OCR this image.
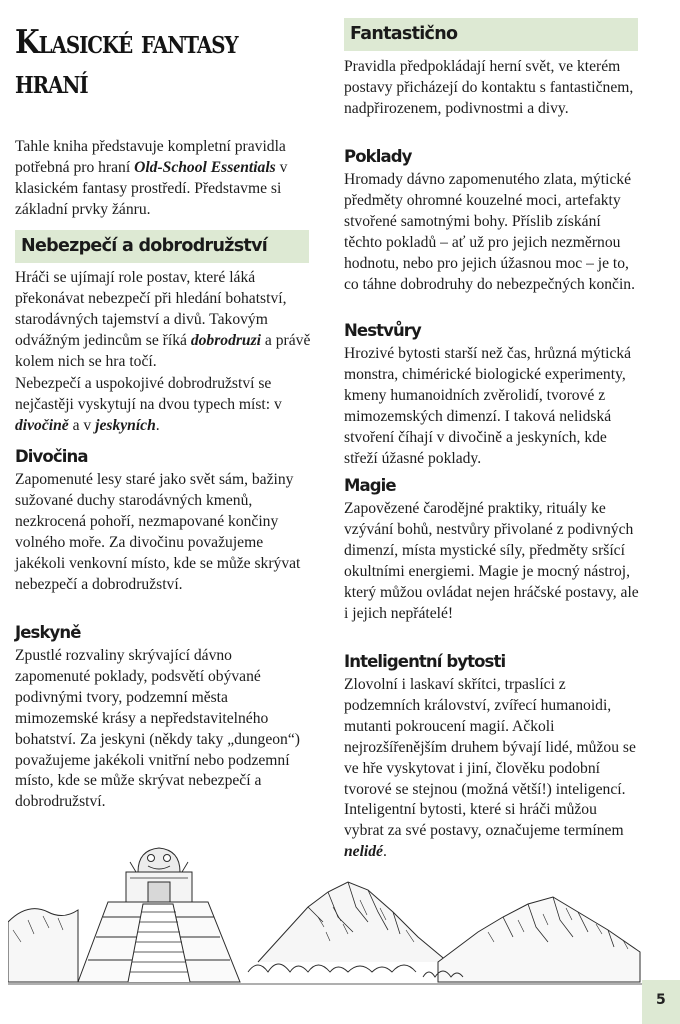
Klasické fantasy hraní

Tahle kniha představuje kompletní pravidla potřebná pro hraní Old-School Essentials v klasickém fantasy prostředí. Představme si základní prvky žánru.

Nebezpečí a dobrodružství

Hráči se ujímají role postav, které láká překonávat nebezpečí při hledání bohatství, starodávných tajemství a divů. Takovým odvážným jedincům se říká dobrodruzi a právě kolem nich se hra točí.

Nebezpečí a uspokojivé dobrodružství se nejčastěji vyskytují na dvou typech míst: v divočině a v jeskyních.

Divočina

Zapomenuté lesy staré jako svět sám, bažiny sužované duchy starodávných kmenů, nezkrocená pohoří, nezmapované končiny volného moře. Za divočinu považujeme jakékoli venkovní místo, kde se může skrývat nebezpečí a dobrodružství.

Jeskyně

Zpustlé rozvaliny skrývající dávno zapomenuté poklady, podsvětí obývané podivnými tvory, podzemní města mimozemské krásy a nepředstavitelného bohatství. Za jeskyni (někdy taky „dungeon“) považujeme jakékoli vnitřní nebo podzemní místo, kde se může skrývat nebezpečí a dobrodružství.

Fantastično

Pravidla předpokládají herní svět, ve kterém postavy přicházejí do kontaktu s fantastičnem, nadpřirozenem, podivnostmi a divy.

Poklady

Hromady dávno zapomenutého zlata, mýtické předměty ohromné kouzelné moci, artefakty stvořené samotnými bohy. Příslib získání těchto pokladů – ať už pro jejich nezměrnou hodnotu, nebo pro jejich úžasnou moc – je to, co táhne dobrodruhy do nebezpečných končin.

Nestvůry

Hrozivé bytosti starší než čas, hrůzná mýtická monstra, chimérické biologické experimenty, kmeny humanoidních zvěrolidí, tvorové z mimozemských dimenzí. I taková nelidská stvoření číhají v divočině a jeskyních, kde střeží úžasné poklady.

Magie

Zapovězené čarodějné praktiky, rituály ke vzývání bohů, nestvůry přivolané z podivných dimenzí, místa mystické síly, předměty sršící okultními energiemi. Magie je mocný nástroj, který můžou ovládat nejen hráčské postavy, ale i jejich nepřátelé!

Inteligentní bytosti

Zlovolní i laskaví skřítci, trpaslíci z podzemních království, zvířecí humanoidi, mutanti pokroucení magií. Ačkoli nejrozšířenějším druhem bývají lidé, můžou se ve hře vyskytovat i jiní, člověku podobní tvorové se stejnou (možná větší!) inteligencí. Inteligentní bytosti, které si hráči můžou vybrat za své postavy, označujeme termínem nelidé.

5
